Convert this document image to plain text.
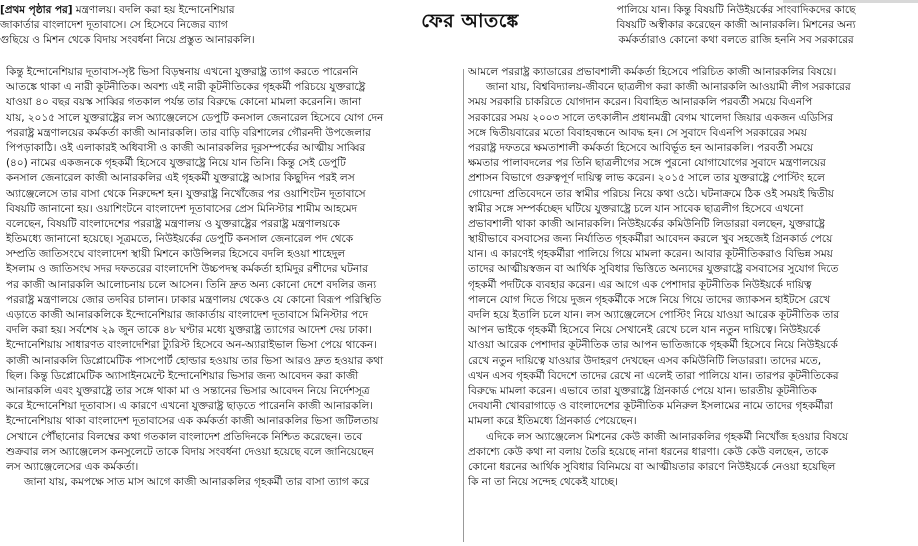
[প্রথম পৃষ্ঠার পর] মন্ত্রণালয়। বদলি করা হয় ইন্দোনেশিয়ার
জাকার্তার বাংলাদেশ দূতাবাসে। সে হিসেবে নিজের ব্যাগ
গুছিয়ে ও মিশন থেকে বিদায় সংবর্ধনা নিয়ে প্রস্তুত আনারকলি।
ফের আতঙ্কে	পালিয়ে যান। কিন্তু বিষয়টি নিউইয়র্কের সাংবাদিকদের কাছে
বিষয়টি অস্বীকার করেছেন কাজী আনারকলি। মিশনের অন্য
কর্মকর্তারাও কোনো কথা বলতে রাজি হননি সব সরকারের
কিন্তু ইন্দোনেশিয়ার দূতাবাস-সৃষ্ট ভিসা বিড়ম্বনায় এখনো যুক্তরাষ্ট্র ত্যাগ করতে পারেননি
আতঙ্কে থাকা এ নারী কূটনীতিক। অবশ্য এই নারী কূটনীতিকের গৃহকর্মী পরিচয়ে যুক্তরাষ্ট্রে
যাওয়া ৪০ বছর বয়স্ক সাব্বির গতকাল পর্যন্ত তার বিরুদ্ধে কোনো মামলা করেননি। জানা
যায়, ২০১৫ সালে যুক্তরাষ্ট্রের লস অ্যাঞ্জেলেসে ডেপুটি কনসাল জেনারেল হিসেবে যোগ দেন
পররাষ্ট্র মন্ত্রণালয়ের কর্মকর্তা কাজী আনারকলি। তার বাড়ি বরিশালের গৌরনদী উপজেলার
পিপড়াকাঠি। ওই এলাকারই অধিবাসী ও কাজী আনারকলির দূরসম্পর্কের আত্মীয় সাব্বির
(৪০) নামের একজনকে গৃহকর্মী হিসেবে যুক্তরাষ্ট্রে নিয়ে যান তিনি। কিন্তু সেই ডেপুটি
কনসাল জেনারেল কাজী আনারকলির এই গৃহকর্মী যুক্তরাষ্ট্রে আসার কিছুদিন পরই লস
অ্যাঞ্জেলেসে তার বাসা থেকে নিরুদ্দেশ হন। যুক্তরাষ্ট্র নিখোঁজের পর ওয়াশিংটন দূতাবাসে
বিষয়টি জানানো হয়। ওয়াশিংটনে বাংলাদেশ দূতাবাসের প্রেস মিনিস্টার শামীম আহমেদ
বলেছেন, বিষয়টি বাংলাদেশের পররাষ্ট্র মন্ত্রণালয় ও যুক্তরাষ্ট্রের পররাষ্ট্র মন্ত্রণালয়কে
ইতিমধ্যে জানানো হয়েছে। সূত্রমতে, নিউইয়র্কের ডেপুটি কনসাল জেনারেল পদ থেকে
সম্প্রতি জাতিসংঘে বাংলাদেশ স্থায়ী মিশনে কাউন্সিলর হিসেবে বদলি হওয়া শাহেদুল
ইসলাম ও জাতিসংঘ সদর দফতরের বাংলাদেশি উচ্চপদস্থ কর্মকর্তা হামিদুর রশীদের ঘটনার
পর কাজী আনারকলি আলোচনায় চলে আসেন। তিনি দ্রুত অন্য কোনো দেশে বদলির জন্য
পররাষ্ট্র মন্ত্রণালয়ে জোর তদবির চালান। ঢাকার মন্ত্রণালয় থেকেও যে কোনো বিরূপ পরিস্থিতি
এড়াতে কাজী আনারকলিকে ইন্দোনেশিয়ার জাকার্তায় বাংলাদেশ দূতাবাসে মিনিস্টার পদে
বদলি করা হয়। সর্বশেষ ২৯ জুন তাকে ৪৮ ঘণ্টার মধ্যে যুক্তরাষ্ট্র ত্যাগের আদেশ দেয় ঢাকা।
ইন্দোনেশিয়ায় সাধারণত বাংলাদেশিরা ট্যুরিস্ট হিসেবে অন-অ্যারাইভাল ভিসা পেয়ে থাকেন।
কাজী আনারকলি ডিপ্লোমেটিক পাসপোর্ট হোল্ডার হওয়ায় তার ভিসা আরও দ্রুত হওয়ার কথা
ছিল। কিন্তু ডিপ্লোমেটিক অ্যাসাইনমেন্টে ইন্দোনেশিয়ার ভিসার জন্য আবেদন করা কাজী
আনারকলি এবং যুক্তরাষ্ট্রে তার সঙ্গে থাকা মা ও সন্তানের ভিসার আবেদন নিয়ে নির্দেশসূত্র
করে ইন্দোনেশিয়া দূতাবাস। এ কারণে এখনো যুক্তরাষ্ট্র ছাড়তে পারেননি কাজী আনারকলি।
ইন্দোনেশিয়ায় থাকা বাংলাদেশ দূতাবাসের এক কর্মকর্তা কাজী আনারকলির ভিসা জটিলতায়
সেখানে পৌঁছানোর বিলম্বের কথা গতকাল বাংলাদেশ প্রতিদিনকে নিশ্চিত করেছেন। তবে
শুক্রবার লস অ্যাঞ্জেলেস কনসুলেটে তাকে বিদায় সংবর্ধনা দেওয়া হয়েছে বলে জানিয়েছেন
লস অ্যাঞ্জেলেসের এক কর্মকর্তা।
জানা যায়, কমপক্ষে সাত মাস আগে কাজী আনারকলির গৃহকর্মী তার বাসা ত্যাগ করে
আমলে পররাষ্ট্র ক্যাডারের প্রভাবশালী কর্মকর্তা হিসেবে পরিচিত কাজী আনারকলির বিষয়ে।
জানা যায়, বিশ্ববিদ্যালয়-জীবনে ছাত্রলীগ করা কাজী আনারকলি আওয়ামী লীগ সরকারের
সময় সরকারি চাকরিতে যোগদান করেন। বিবাহিত আনারকলি পরবর্তী সময়ে বিএনপি
সরকারের সময় ২০০৩ সালে তৎকালীন প্রধানমন্ত্রী বেগম খালেদা জিয়ার একজন এডিসির
সঙ্গে দ্বিতীয়বারের মতো বিবাহবন্ধনে আবদ্ধ হন। সে সুবাদে বিএনপি সরকারের সময়
পররাষ্ট্র দফতরে ক্ষমতাশালী কর্মকর্তা হিসেবে আবির্ভূত হন আনারকলি। পরবর্তী সময়ে
ক্ষমতার পালাবদলের পর তিনি ছাত্রলীগের সঙ্গে পুরনো যোগাযোগের সুবাদে মন্ত্রণালয়ের
প্রশাসন বিভাগে গুরুত্বপূর্ণ দায়িত্ব লাভ করেন। ২০১৫ সালে তার যুক্তরাষ্ট্রে পোস্টিং হলে
গোয়েন্দা প্রতিবেদনে তার স্বামীর পরিচয় নিয়ে কথা ওঠে। ঘটনাক্রমে ঠিক ওই সময়ই দ্বিতীয়
স্বামীর সঙ্গে সম্পর্কচ্ছেদ ঘটিয়ে যুক্তরাষ্ট্রে চলে যান সাবেক ছাত্রলীগ হিসেবে এখনো
প্রভাবশালী থাকা কাজী আনারকলি। নিউইয়র্কের কমিউনিটি লিডাররা বলছেন, যুক্তরাষ্ট্রে
স্থায়ীভাবে বসবাসের জন্য নির্যাতিত গৃহকর্মীরা আবেদন করলে খুব সহজেই গ্রিনকার্ড পেয়ে
যান। এ কারণেই গৃহকর্মীরা পালিয়ে গিয়ে মামলা করেন। আবার কূটনীতিকরাও বিভিন্ন সময়
তাদের আত্মীয়স্বজন বা আর্থিক সুবিধার ভিত্তিতে অন্যদের যুক্তরাষ্ট্রে বসবাসের সুযোগ দিতে
গৃহকর্মী পদটিকে ব্যবহার করেন। এর আগে এক পেশাদার কূটনীতিক নিউইয়র্কে দায়িত্ব
পালনে যোগ দিতে গিয়ে দুজন গৃহকর্মীকে সঙ্গে নিয়ে গিয়ে তাদের জ্যাকসন হাইটসে রেখে
বদলি হয়ে ইতালি চলে যান। লস অ্যাঞ্জেলেসে পোস্টিং নিয়ে যাওয়া আরেক কূটনীতিক তার
আপন ভাইকে গৃহকর্মী হিসেবে নিয়ে সেখানেই রেখে চলে যান নতুন দায়িত্বে। নিউইয়র্কে
যাওয়া আরেক পেশাদার কূটনীতিক তার আপন ভাতিজাকে গৃহকর্মী হিসেবে নিয়ে নিউইয়র্কে
রেখে নতুন দায়িত্বে যাওয়ার উদাহরণ দেখছেন এসব কমিউনিটি লিডাররা। তাদের মতে,
এখন এসব গৃহকর্মী বিদেশে তাদের রেখে না এলেই তারা পালিয়ে যান। তারপর কূটনীতিকের
বিরুদ্ধে মামলা করেন। এভাবে তারা যুক্তরাষ্ট্রে গ্রিনকার্ড পেয়ে যান। ভারতীয় কূটনীতিক
দেবযানী খোবরাগাড়ে ও বাংলাদেশের কূটনীতিক মনিরুল ইসলামের নামে তাদের গৃহকর্মীরা
মামলা করে ইতিমধ্যে গ্রিনকার্ড পেয়েছেন।
এদিকে লস অ্যাঞ্জেলেস মিশনের কেউ কাজী আনারকলির গৃহকর্মী নিখোঁজ হওয়ার বিষয়ে
প্রকাশ্যে কেউ কথা না বলায় তৈরি হয়েছে নানা ধরনের ধারণা। কেউ কেউ বলছেন, তাকে
কোনো ধরনের আর্থিক সুবিধার বিনিময়ে বা আত্মীয়তার কারণে নিউইয়র্কে নেওয়া হয়েছিল
কি না তা নিয়ে সন্দেহ থেকেই যাচ্ছে।
